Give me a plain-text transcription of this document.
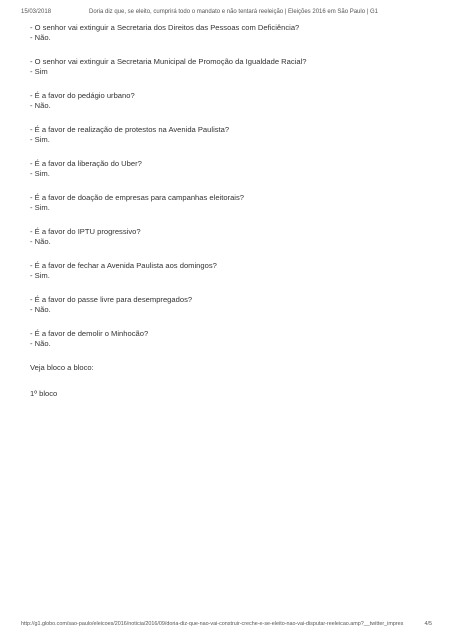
15/03/2018	Doria diz que, se eleito, cumprirá todo o mandato e não tentará reeleição | Eleições 2016 em São Paulo | G1

- O senhor vai extinguir a Secretaria dos Direitos das Pessoas com Deficiência?

- Não.

- O senhor vai extinguir a Secretaria Municipal de Promoção da Igualdade Racial?

- Sim

- É a favor do pedágio urbano?

- Não.

- É a favor de realização de protestos na Avenida Paulista?

- Sim.

- É a favor da liberação do Uber?

- Sim.

- É a favor de doação de empresas para campanhas eleitorais?

- Sim.

- É a favor do IPTU progressivo?

- Não.

- É a favor de fechar a Avenida Paulista aos domingos?

- Sim.

- É a favor do passe livre para desempregados?

- Não.

- É a favor de demolir o Minhocão?

- Não.

Veja bloco a bloco:

1º bloco

http://g1.globo.com/sao-paulo/eleicoes/2016/noticia/2016/09/doria-diz-que-nao-vai-construir-creche-e-se-eleito-nao-vai-disputar-reeleicao.amp?__twitter_impres	4/5
